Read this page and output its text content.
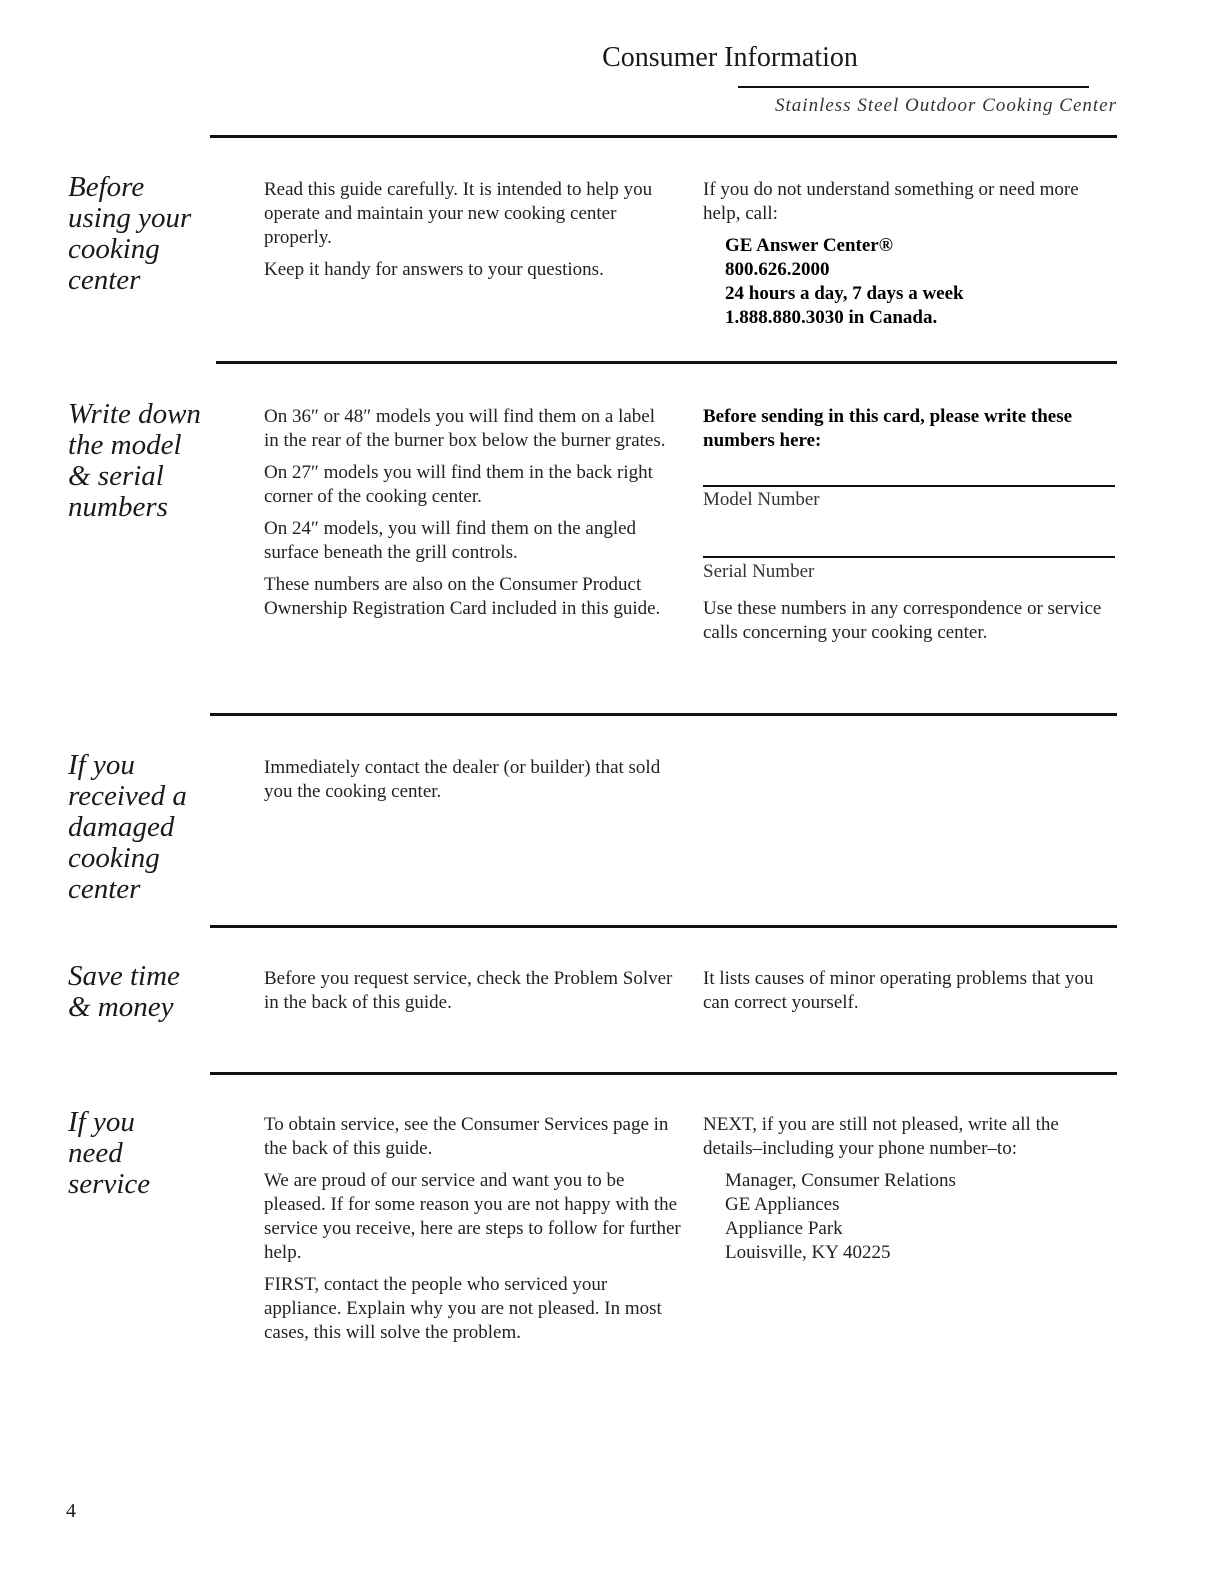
Consumer Information
Stainless Steel Outdoor Cooking Center
Before
using your
cooking
center

Read this guide carefully. It is intended to help you operate and maintain your new cooking center properly.

Keep it handy for answers to your questions.

If you do not understand something or need more help, call:

GE Answer Center®
800.626.2000
24 hours a day, 7 days a week
1.888.880.3030 in Canada.
Write down
the model
& serial
numbers

On 36″ or 48″ models you will find them on a label in the rear of the burner box below the burner grates.

On 27″ models you will find them in the back right corner of the cooking center.

On 24″ models, you will find them on the angled surface beneath the grill controls.

These numbers are also on the Consumer Product Ownership Registration Card included in this guide.

Before sending in this card, please write these numbers here:
Model Number
Serial Number
Use these numbers in any correspondence or service calls concerning your cooking center.
If you
received a
damaged
cooking
center
Immediately contact the dealer (or builder) that sold you the cooking center.
Save time
& money
Before you request service, check the Problem Solver in the back of this guide.
It lists causes of minor operating problems that you can correct yourself.
If you
need
service

To obtain service, see the Consumer Services page in the back of this guide.

We are proud of our service and want you to be pleased. If for some reason you are not happy with the service you receive, here are steps to follow for further help.

FIRST, contact the people who serviced your appliance. Explain why you are not pleased. In most cases, this will solve the problem.

NEXT, if you are still not pleased, write all the details–including your phone number–to:

Manager, Consumer Relations
GE Appliances
Appliance Park
Louisville, KY 40225
4
